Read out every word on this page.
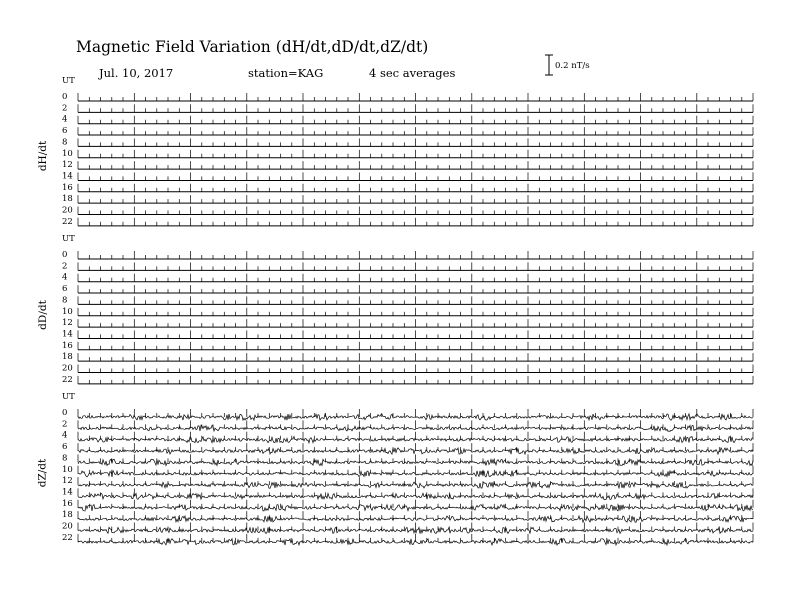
Magnetic Field Variation (dH/dt,dD/dt,dZ/dt)
Jul. 10, 2017	station=KAG	4 sec averages	0.2 nT/s
UT
UT
UT
dH/dt
dD/dt
dZ/dt
0
2
4
6
8
10
12
14
16
18
20
22
0
2
4
6
8
10
12
14
16
18
20
22
0
2
4
6
8
10
12
14
16
18
20
22
